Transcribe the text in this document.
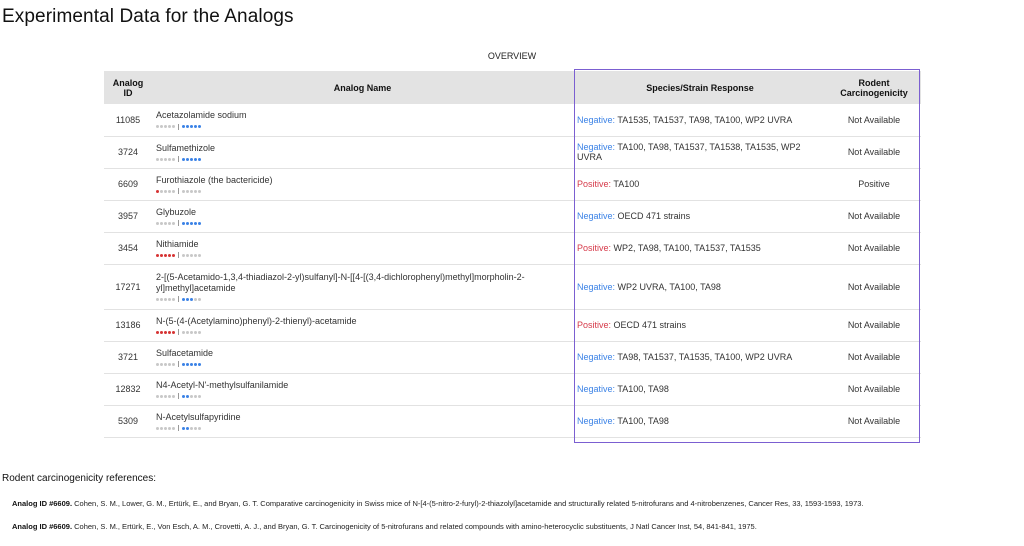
Experimental Data for the Analogs
OVERVIEW
Analog ID	Analog Name	Species/Strain Response	Rodent Carcinogenicity
11085	Acetazolamide sodium	Negative: TA1535, TA1537, TA98, TA100, WP2 UVRA	Not Available
3724	Sulfamethizole	Negative: TA100, TA98, TA1537, TA1538, TA1535, WP2 UVRA	Not Available
6609	Furothiazole (the bactericide)	Positive: TA100	Positive
3957	Glybuzole	Negative: OECD 471 strains	Not Available
3454	Nithiamide	Positive: WP2, TA98, TA100, TA1537, TA1535	Not Available
17271	2-[(5-Acetamido-1,3,4-thiadiazol-2-yl)sulfanyl]-N-[[4-[(3,4-dichlorophenyl)methyl]morpholin-2-yl]methyl]acetamide	Negative: WP2 UVRA, TA100, TA98	Not Available
13186	N-(5-(4-(Acetylamino)phenyl)-2-thienyl)-acetamide	Positive: OECD 471 strains	Not Available
3721	Sulfacetamide	Negative: TA98, TA1537, TA1535, TA100, WP2 UVRA	Not Available
12832	N4-Acetyl-N'-methylsulfanilamide	Negative: TA100, TA98	Not Available
5309	N-Acetylsulfapyridine	Negative: TA100, TA98	Not Available
Rodent carcinogenicity references:
Analog ID #6609. Cohen, S. M., Lower, G. M., Ertürk, E., and Bryan, G. T. Comparative carcinogenicity in Swiss mice of N-[4-(5-nitro-2-furyl)-2-thiazolyl]acetamide and structurally related 5-nitrofurans and 4-nitrobenzenes, Cancer Res, 33, 1593-1593, 1973.
Analog ID #6609. Cohen, S. M., Ertürk, E., Von Esch, A. M., Crovetti, A. J., and Bryan, G. T. Carcinogenicity of 5-nitrofurans and related compounds with amino-heterocyclic substituents, J Natl Cancer Inst, 54, 841-841, 1975.
